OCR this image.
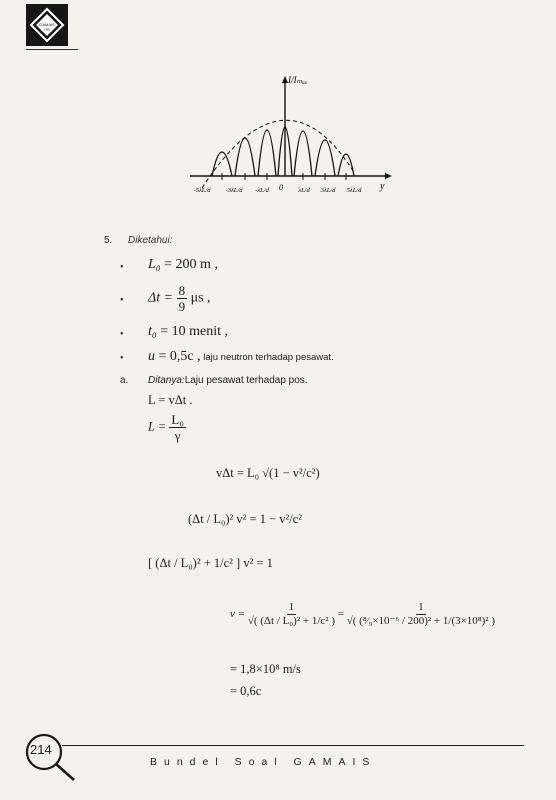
GAMAIS
ITB
I/Iₘₐₓ
y
-5λL/d -3λL/d -λL/d 0 λL/d 3λL/d 5λL/d
5. Diketahui:
• L₀ = 200 m ,
• $\Delta t = \frac{8}{9}$ μs ,
• t₀ = 10 menit ,
• u = 0,5c , laju neutron terhadap pesawat.
a. Ditanya:Laju pesawat terhadap pos.
L = vΔt .
$L = \frac{\text{L₀}}{\gamma}$
vΔt = L₀ √(1 − v²/c²)
(Δt / L₀)² v² = 1 − v²/c²
[ (Δt / L₀)² + 1/c² ] v² = 1
$v = \frac{1}{\text{√( (Δt / L₀)² + 1/c² )}} = \frac{1}{\text{√( (⁸⁄₉×10⁻⁶ / 200)² + 1/(3×10⁸)² )}}$
= 1,8×10⁸ m/s
= 0,6c
214
Bundel Soal GAMAIS
